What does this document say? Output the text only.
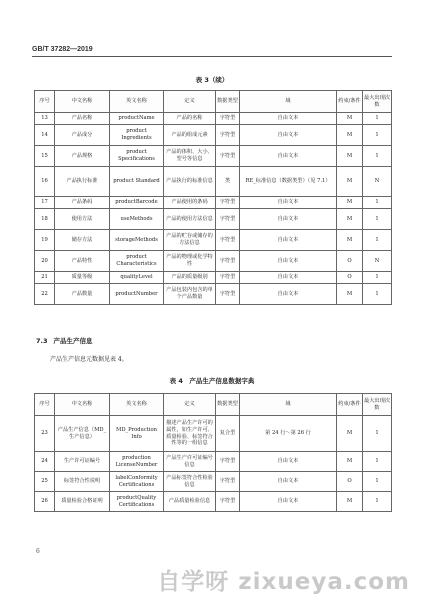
GB/T 37282—2019
表 3（续）
序号	中文名称	英文名称	定义	数据类型	域	约束/条件	最大出现次数
13	产品名称	productName	产品的名称	字符型	自由文本	M	1
14	产品成分	product Ingredients	产品的组成元素	字符型	自由文本	M	1
15	产品规格	product Specifications	产品的体积、大小、型号等信息	字符型	自由文本	M	1
16	产品执行标准	product Standard	产品执行的标准信息	类	RE_标准信息（数据类型）（见 7.1）	M	N
17	产品条码	productBarcode	产品使用的条码	字符型	自由文本	M	1
18	使用方法	useMethods	产品的使用方法信息	字符型	自由文本	M	1
19	储存方法	storageMethods	产品的贮存或储存的方法信息	字符型	自由文本	M	1
20	产品特性	product Characteristics	产品的物理或化学特性	字符型	自由文本	O	N
21	质量等级	qualityLevel	产品的质量级别	字符型	自由文本	O	1
22	产品数量	productNumber	产品包装内包含的单个产品数量	字符型	自由文本	M	1
7.3 产品生产信息
产品生产信息元数据见表 4。
表 4　产品生产信息数据字典
序号	中文名称	英文名称	定义	数据类型	域	约束/条件	最大出现次数
23	产品生产信息（MD_生产信息）	MD_Production Info	描述产品生产许可的属性，如生产许可、质量检验、标签符合性等的一组信息	复合型	第 24 行～第 26 行	M	1
24	生产许可证编号	production LicenseNumber	产品生产许可证编号信息	字符型	自由文本	M	1
25	标签符合性说明	labelConformity Certifications	产品标签符合性检验信息	字符型	自由文本	O	1
26	质量检验合格证明	productQuality Certifications	产品质量检验信息	字符型	自由文本	M	1
6
自学呀 zixueya.com
